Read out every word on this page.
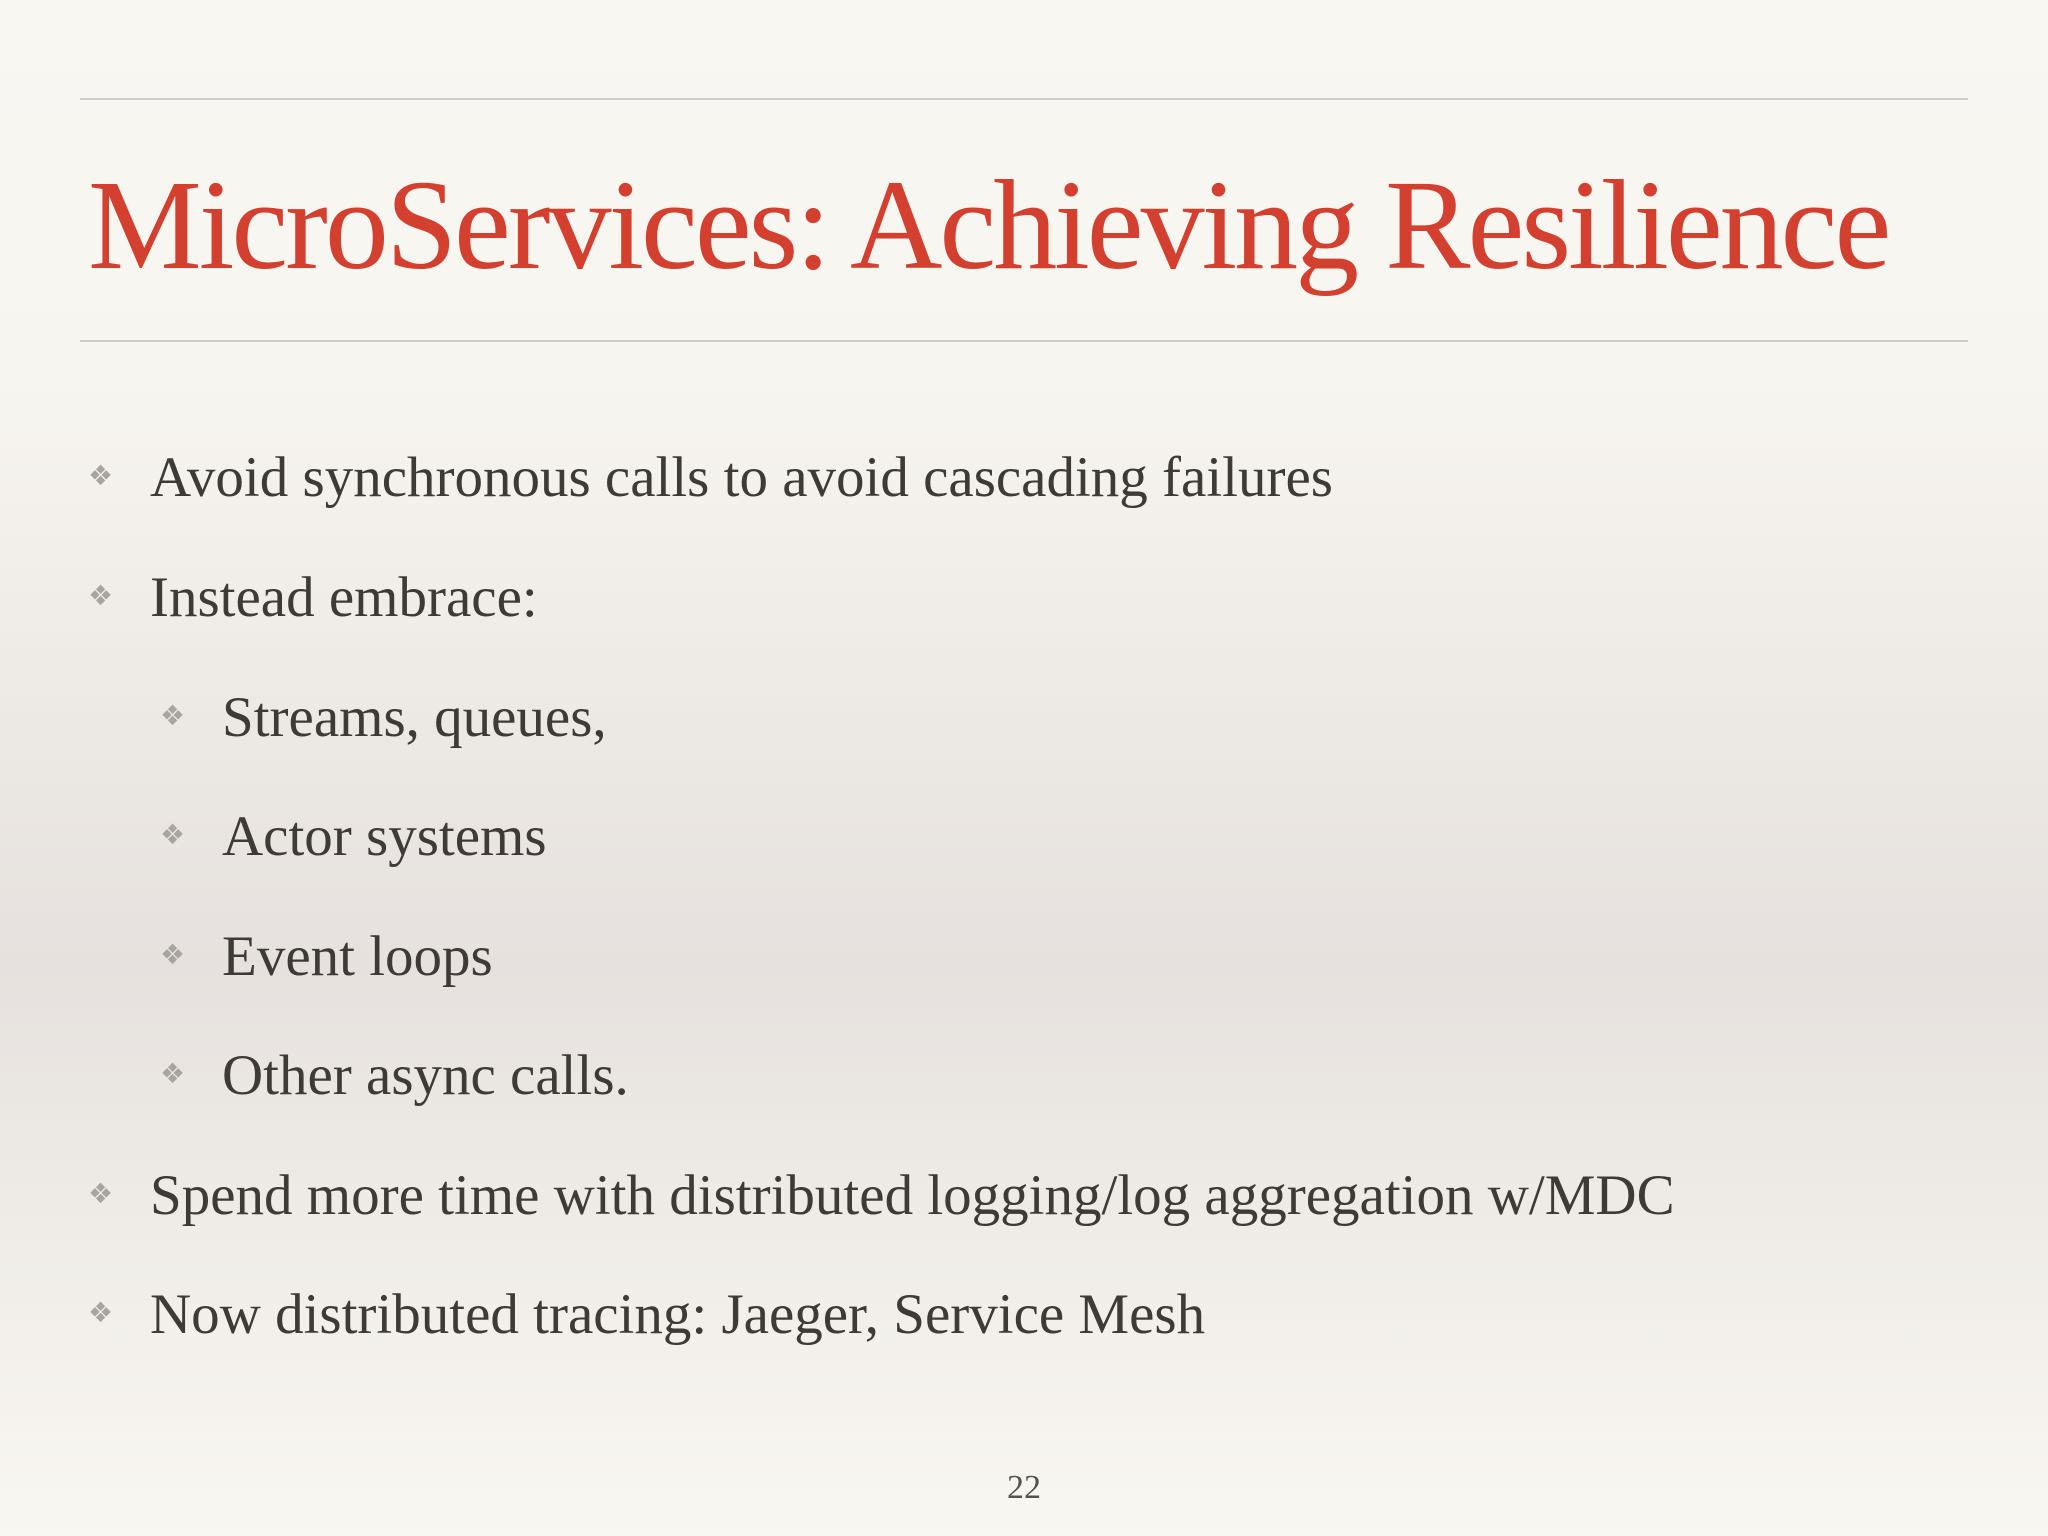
MicroServices: Achieving Resilience
❖ Avoid synchronous calls to avoid cascading failures
❖ Instead embrace:
❖ Streams, queues,
❖ Actor systems
❖ Event loops
❖ Other async calls.
❖ Spend more time with distributed logging/log aggregation w/MDC
❖ Now distributed tracing: Jaeger, Service Mesh
22
